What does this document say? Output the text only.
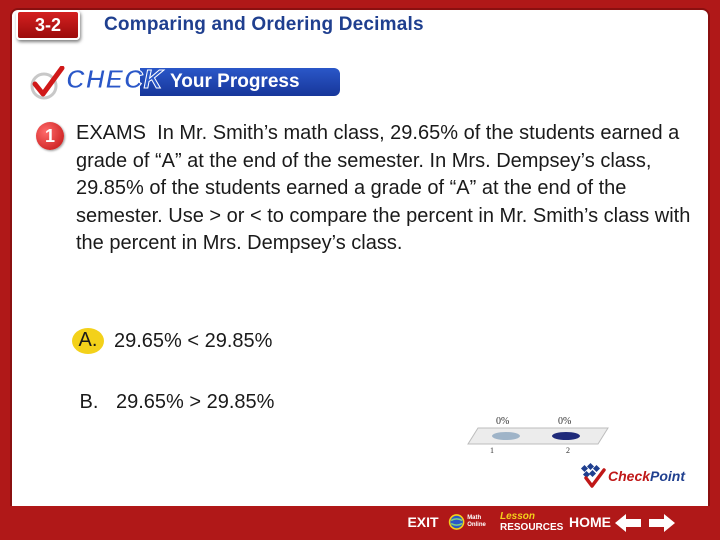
3-2 Comparing and Ordering Decimals
Your Progress
CHECK
1 EXAMS In Mr. Smith’s math class, 29.65% of the students earned a grade of “A” at the end of the semester. In Mrs. Dempsey’s class, 29.85% of the students earned a grade of “A” at the end of the semester. Use > or < to compare the percent in Mr. Smith’s class with the percent in Mrs. Dempsey’s class.
A. 29.65% < 29.85%
B. 29.65% > 29.85%
0%	0%
1	2
CheckPoint
EXIT	Math Online
Lesson
RESOURCES HOME
